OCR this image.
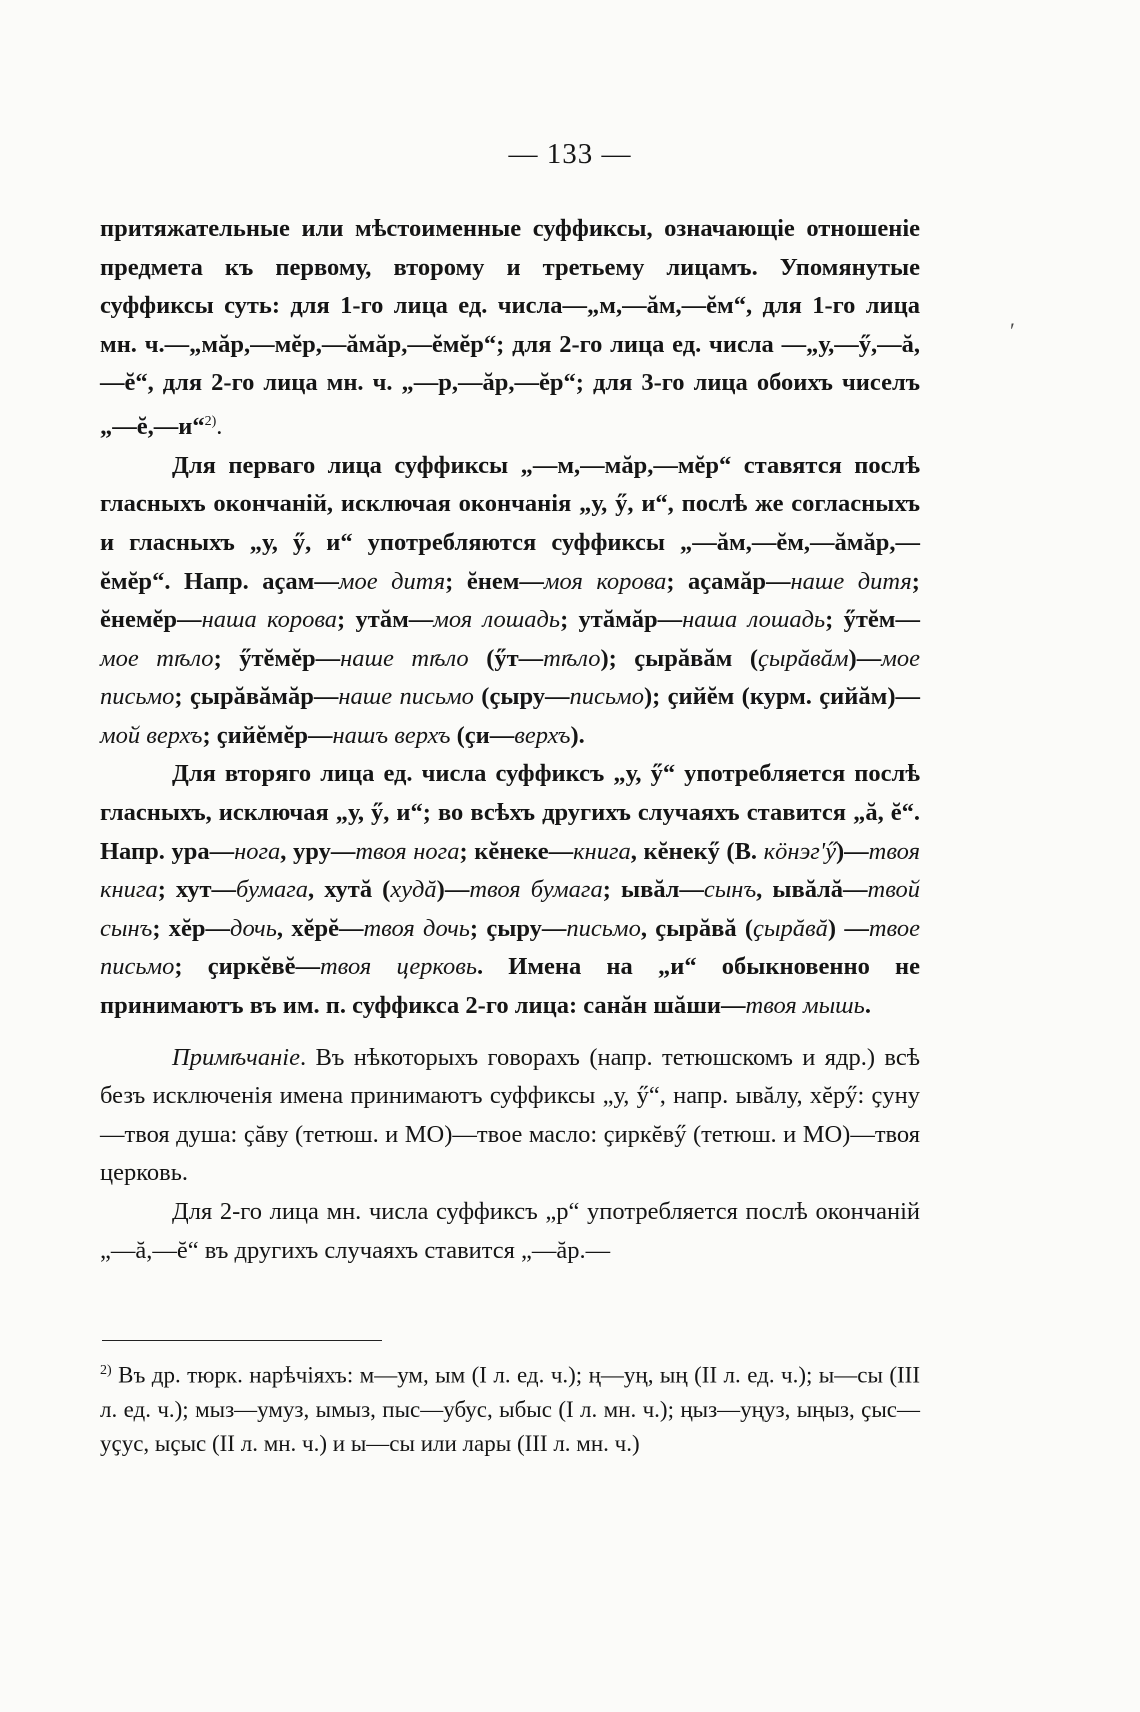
— 133 —
′

притяжательные или мѣстоименные суффиксы, означающіе отношеніе предмета къ первому, второму и третьему лицамъ. Упомянутые суффиксы суть: для 1-го лица ед. числа—„м,—ăм,—ĕм“, для 1-го лица мн. ч.—„мăр,—мĕр,—ăмăр,—ĕмĕр“; для 2-го лица ед. числа —„у,—ӳ,—ă,—ĕ“, для 2-го лица мн. ч. „—р,—ăр,—ĕр“; для 3-го лица обоихъ чиселъ „—ĕ,—и“$^{2)}$.

Для перваго лица суффиксы „—м,—мăр,—мĕр“ ставятся послѣ гласныхъ окончаній, исключая окончанія „у, ӳ, и“, послѣ же согласныхъ и гласныхъ „у, ӳ, и“ употребляются суффиксы „—ăм,—ĕм,—ăмăр,—ĕмĕр“. Напр. аҫам—мое дитя; ĕнем—моя корова; аҫамăр—наше дитя; ĕнемĕр—наша корова; утăм—моя лошадь; утăмăр—наша лошадь; ӳтĕм—мое тѣло; ӳтĕмĕр—наше тѣло (ӳт—тѣло); ҫырăвăм (ҫырăвăм)—мое письмо; ҫырăвăмăр—наше письмо (ҫыру—письмо); ҫийĕм (курм. ҫийăм)—мой верхъ; ҫийĕмĕр—нашъ верхъ (ҫи—верхъ).

Для вторяго лица ед. числа суффиксъ „у, ӳ“ употребляется послѣ гласныхъ, исключая „у, ӳ, и“; во всѣхъ другихъ случаяхъ ставится „ă, ĕ“. Напр. ура—нога, уру—твоя нога; кĕнеке—книга, кĕнекӳ (В. кӧнэг'ӳ)—твоя книга; хут—бумага, хутă (худă)—твоя бумага; ывăл—сынъ, ывăлă—твой сынъ; хĕр—дочь, хĕрĕ—твоя дочь; ҫыру—письмо, ҫырăвă (ҫырăвă) —твое письмо; ҫиркĕвĕ—твоя церковь. Имена на „и“ обыкновенно не принимаютъ въ им. п. суффикса 2-го лица: санăн шăши—твоя мышь.

Примѣчаніе. Въ нѣкоторыхъ говорахъ (напр. тетюшскомъ и ядр.) всѣ безъ исключенія имена принимаютъ суффиксы „у, ӳ“, напр. ывăлу, хĕрӳ: ҫуну—твоя душа: ҫăву (тетюш. и МО)—твое масло: ҫиркĕвӳ (тетюш. и МО)—твоя церковь.

Для 2-го лица мн. числа суффиксъ „р“ употребляется послѣ окончаній „—ă,—ĕ“ въ другихъ случаяхъ ставится „—ăр.—

$^{2)}$ Въ др. тюрк. нарѣчіяхъ: м—ум, ым (I л. ед. ч.); ң—уң, ың (II л. ед. ч.); ы—сы (III л. ед. ч.); мыз—умуз, ымыз, пыс—убус, ыбыс (I л. мн. ч.); ңыз—уңуз, ыңыз, ҫыс—уҫус, ыҫыс (II л. мн. ч.) и ы—сы или лары (III л. мн. ч.)
